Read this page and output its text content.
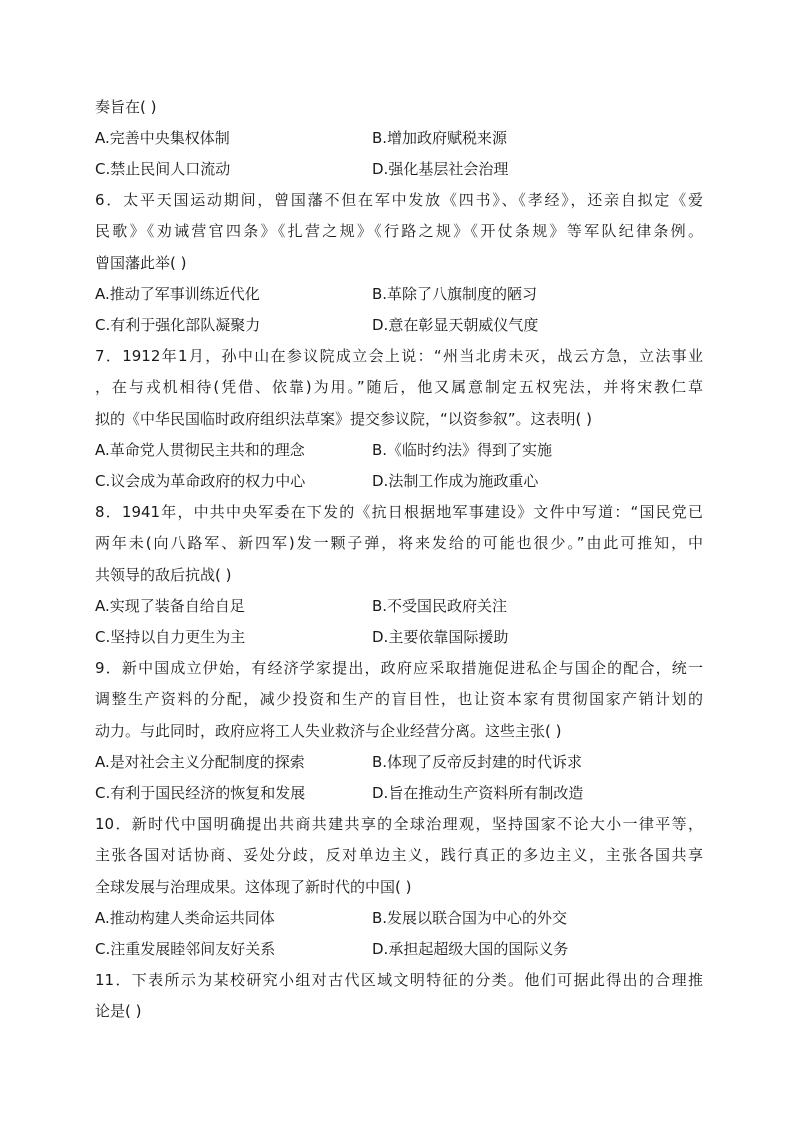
奏旨在( )
A.完善中央集权体制	B.增加政府赋税来源
C.禁止民间人口流动	D.强化基层社会治理
6．太平天国运动期间，曾国藩不但在军中发放《四书》、《孝经》，还亲自拟定《爱
民歌》《劝诫营官四条》《扎营之规》《行路之规》《开仗条规》等军队纪律条例。
曾国藩此举( )
A.推动了军事训练近代化	B.革除了八旗制度的陋习
C.有利于强化部队凝聚力	D.意在彰显天朝威仪气度
7．1912年1月，孙中山在参议院成立会上说：“州当北虏未灭，战云方急，立法事业
，在与戎机相待(凭借、依靠)为用。”随后，他又属意制定五权宪法，并将宋教仁草
拟的《中华民国临时政府组织法草案》提交参议院，“以资参叙”。这表明( )
A.革命党人贯彻民主共和的理念	B.《临时约法》得到了实施
C.议会成为革命政府的权力中心	D.法制工作成为施政重心
8．1941年，中共中央军委在下发的《抗日根据地军事建设》文件中写道：“国民党已
两年未(向八路军、新四军)发一颗子弹，将来发给的可能也很少。”由此可推知，中
共领导的敌后抗战( )
A.实现了装备自给自足	B.不受国民政府关注
C.坚持以自力更生为主	D.主要依靠国际援助
9．新中国成立伊始，有经济学家提出，政府应采取措施促进私企与国企的配合，统一
调整生产资料的分配，减少投资和生产的盲目性，也让资本家有贯彻国家产销计划的
动力。与此同时，政府应将工人失业救济与企业经营分离。这些主张( )
A.是对社会主义分配制度的探索	B.体现了反帝反封建的时代诉求
C.有利于国民经济的恢复和发展	D.旨在推动生产资料所有制改造
10．新时代中国明确提出共商共建共享的全球治理观，坚持国家不论大小一律平等，
主张各国对话协商、妥处分歧，反对单边主义，践行真正的多边主义，主张各国共享
全球发展与治理成果。这体现了新时代的中国( )
A.推动构建人类命运共同体	B.发展以联合国为中心的外交
C.注重发展睦邻间友好关系	D.承担起超级大国的国际义务
11．下表所示为某校研究小组对古代区域文明特征的分类。他们可据此得出的合理推
论是( )
